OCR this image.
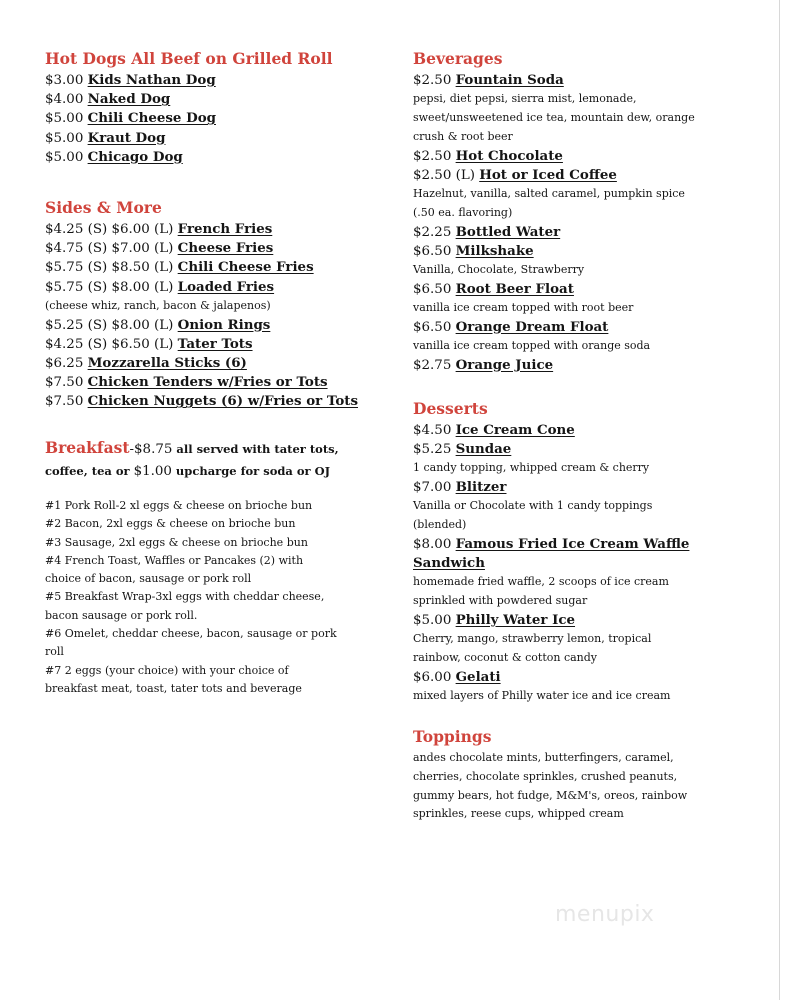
Hot Dogs All Beef on Grilled Roll
$3.00 Kids Nathan Dog
$4.00 Naked Dog
$5.00 Chili Cheese Dog
$5.00 Kraut Dog
$5.00 Chicago Dog
Sides & More
$4.25 (S) $6.00 (L) French Fries
$4.75 (S) $7.00 (L) Cheese Fries
$5.75 (S) $8.50 (L) Chili Cheese Fries
$5.75 (S) $8.00 (L) Loaded Fries
(cheese whiz, ranch, bacon & jalapenos)
$5.25 (S) $8.00 (L) Onion Rings
$4.25 (S) $6.50 (L) Tater Tots
$6.25 Mozzarella Sticks (6)
$7.50 Chicken Tenders w/Fries or Tots
$7.50 Chicken Nuggets (6) w/Fries or Tots
Breakfast-$8.75 all served with tater tots,
coffee, tea or $1.00 upcharge for soda or OJ
#1 Pork Roll-2 xl eggs & cheese on brioche bun
#2 Bacon, 2xl eggs & cheese on brioche bun
#3 Sausage, 2xl eggs & cheese on brioche bun
#4 French Toast, Waffles or Pancakes (2) with
choice of bacon, sausage or pork roll
#5 Breakfast Wrap-3xl eggs with cheddar cheese,
bacon sausage or pork roll.
#6 Omelet, cheddar cheese, bacon, sausage or pork
roll
#7 2 eggs (your choice) with your choice of
breakfast meat, toast, tater tots and beverage
Beverages
$2.50 Fountain Soda
pepsi, diet pepsi, sierra mist, lemonade,
sweet/unsweetened ice tea, mountain dew, orange
crush & root beer
$2.50 Hot Chocolate
$2.50 (L) Hot or Iced Coffee
Hazelnut, vanilla, salted caramel, pumpkin spice
(.50 ea. flavoring)
$2.25 Bottled Water
$6.50 Milkshake
Vanilla, Chocolate, Strawberry
$6.50 Root Beer Float
vanilla ice cream topped with root beer
$6.50 Orange Dream Float
vanilla ice cream topped with orange soda
$2.75 Orange Juice
Desserts
$4.50 Ice Cream Cone
$5.25 Sundae
1 candy topping, whipped cream & cherry
$7.00 Blitzer
Vanilla or Chocolate with 1 candy toppings
(blended)
$8.00 Famous Fried Ice Cream Waffle
Sandwich
homemade fried waffle, 2 scoops of ice cream
sprinkled with powdered sugar
$5.00 Philly Water Ice
Cherry, mango, strawberry lemon, tropical
rainbow, coconut & cotton candy
$6.00 Gelati
mixed layers of Philly water ice and ice cream
Toppings
andes chocolate mints, butterfingers, caramel,
cherries, chocolate sprinkles, crushed peanuts,
gummy bears, hot fudge, M&M's, oreos, rainbow
sprinkles, reese cups, whipped cream
menupix
